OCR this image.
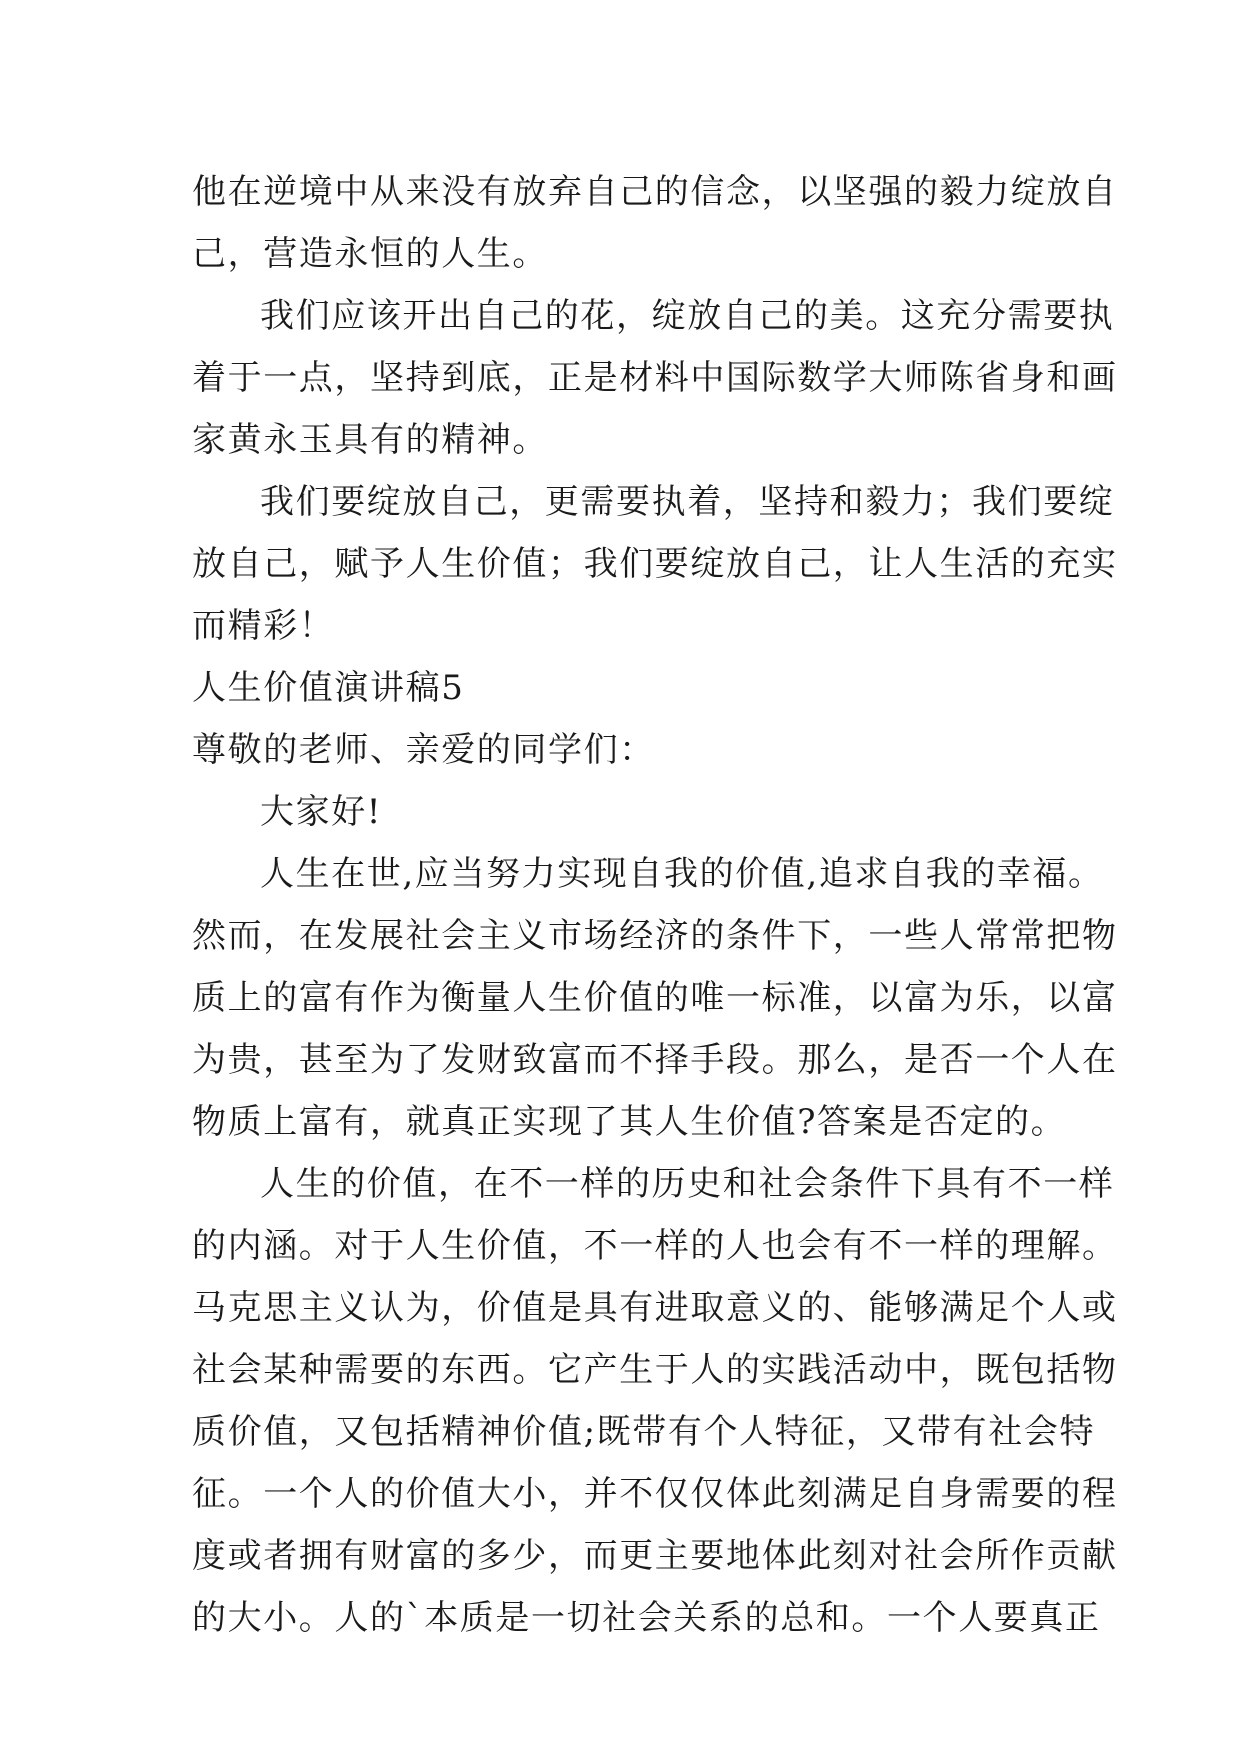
他在逆境中从来没有放弃自己的信念，以坚强的毅力绽放自
己，营造永恒的人生。
我们应该开出自己的花，绽放自己的美。这充分需要执
着于一点，坚持到底，正是材料中国际数学大师陈省身和画
家黄永玉具有的精神。
我们要绽放自己，更需要执着，坚持和毅力；我们要绽
放自己，赋予人生价值；我们要绽放自己，让人生活的充实
而精彩！
人生价值演讲稿5
尊敬的老师、亲爱的同学们：
大家好!
人生在世,应当努力实现自我的价值,追求自我的幸福。
然而，在发展社会主义市场经济的条件下，一些人常常把物
质上的富有作为衡量人生价值的唯一标准，以富为乐，以富
为贵，甚至为了发财致富而不择手段。那么，是否一个人在
物质上富有，就真正实现了其人生价值?答案是否定的。
人生的价值，在不一样的历史和社会条件下具有不一样
的内涵。对于人生价值，不一样的人也会有不一样的理解。
马克思主义认为，价值是具有进取意义的、能够满足个人或
社会某种需要的东西。它产生于人的实践活动中，既包括物
质价值，又包括精神价值;既带有个人特征，又带有社会特
征。一个人的价值大小，并不仅仅体此刻满足自身需要的程
度或者拥有财富的多少，而更主要地体此刻对社会所作贡献
的大小。人的`本质是一切社会关系的总和。一个人要真正
